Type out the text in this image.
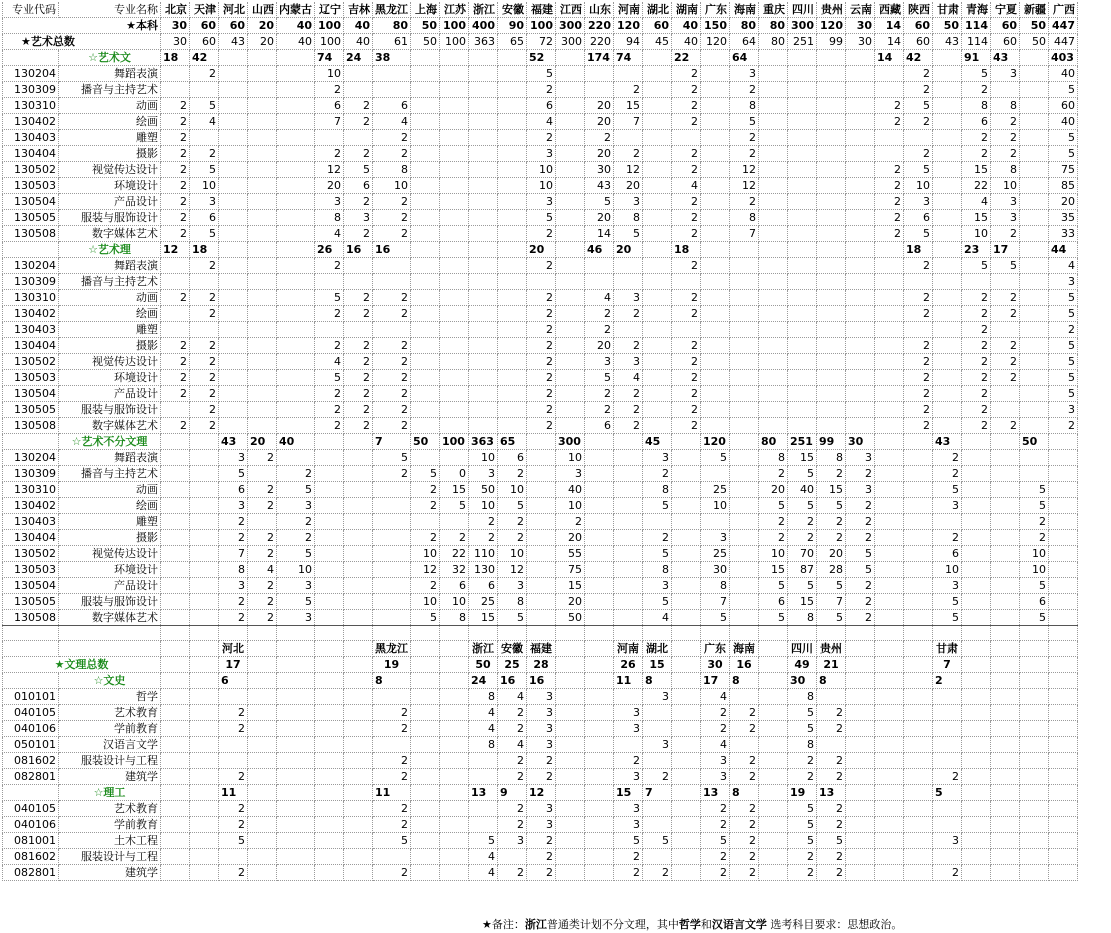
专业代码	专业名称	北京	天津	河北	山西	内蒙古	辽宁	吉林	黑龙江	上海	江苏	浙江	安徽	福建	江西	山东	河南	湖北	湖南	广东	海南	重庆	四川	贵州	云南	西藏	陕西	甘肃	青海	宁夏	新疆	广西
★本科		30	60	60	20	40	100	40	80	50	100	400	90	100	300	220	120	60	40	150	80	80	300	120	30	14	60	50	114	60	50	447
★艺术总数		30	60	43	20	40	100	40	61	50	100	363	65	72	300	220	94	45	40	120	64	80	251	99	30	14	60	43	114	60	50	447
	☆艺术文	18	42				74	24	38					52		174	74		22		64					14	42		91	43		403
130204	舞蹈表演		2				10							5					2		3						2		5	3		40
130309	播音与主持艺术						2							2			2		2		2						2		2			5
130310	动画	2	5				6	2	6					6		20	15		2		8					2	5		8	8		60
130402	绘画	2	4				7	2	4					4		20	7		2		5					2	2		6	2		40
130403	雕塑	2							2					2		2					2								2	2		5
130404	摄影	2	2				2	2	2					3		20	2		2		2						2		2	2		5
130502	视觉传达设计	2	5				12	5	8					10		30	12		2		12					2	5		15	8		75
130503	环境设计	2	10				20	6	10					10		43	20		4		12					2	10		22	10		85
130504	产品设计	2	3				3	2	2					3		5	3		2		2					2	3		4	3		20
130505	服装与服饰设计	2	6				8	3	2					5		20	8		2		8					2	6		15	3		35
130508	数字媒体艺术	2	5				4	2	2					2		14	5		2		7					2	5		10	2		33
	☆艺术理	12	18				26	16	16					20		46	20		18								18		23	17		44
130204	舞蹈表演		2				2							2					2								2		5	5		4
130309	播音与主持艺术																															3
130310	动画	2	2				5	2	2					2		4	3		2								2		2	2		5
130402	绘画		2				2	2	2					2		2	2		2								2		2	2		5
130403	雕塑													2		2													2			2
130404	摄影	2	2				2	2	2					2		20	2		2								2		2	2		5
130502	视觉传达设计	2	2				4	2	2					2		3	3		2								2		2	2		5
130503	环境设计	2	2				5	2	2					2		5	4		2								2		2	2		5
130504	产品设计	2	2				2	2	2					2		2	2		2								2		2			5
130505	服装与服饰设计		2				2	2	2					2		2	2		2								2		2			3
130508	数字媒体艺术	2	2				2	2	2					2		6	2		2								2		2	2		2
	☆艺术不分文理			43	20	40			7	50	100	363	65		300			45		120		80	251	99	30			43			50	
130204	舞蹈表演			3	2				5			10	6		10			3		5		8	15	8	3			2				
130309	播音与主持艺术			5		2			2	5	0	3	2		3			2				2	5	2	2			2				
130310	动画			6	2	5				2	15	50	10		40			8		25		20	40	15	3			5			5	
130402	绘画			3	2	3				2	5	10	5		10			5		10		5	5	5	2			3			5	
130403	雕塑			2		2						2	2		2							2	2	2	2						2	
130404	摄影			2	2	2				2	2	2	2		20			2		3		2	2	2	2			2			2	
130502	视觉传达设计			7	2	5				10	22	110	10		55			5		25		10	70	20	5			6			10	
130503	环境设计			8	4	10				12	32	130	12		75			8		30		15	87	28	5			10			10	
130504	产品设计			3	2	3				2	6	6	3		15			3		8		5	5	5	2			3			5	
130505	服装与服饰设计			2	2	5				10	10	25	8		20			5		7		6	15	7	2			5			6	
130508	数字媒体艺术			2	2	3				5	8	15	5		50			4		5		5	8	5	2			5			5	

				河北					黑龙江			浙江	安徽	福建			河南	湖北		广东	海南		四川	贵州				甘肃				
★文理总数				17					19			50	25	28			26	15		30	16		49	21				7				
	☆文史			6					8			24	16	16			11	8		17	8		30	8				2				
010101	哲学											8	4	3				3		4			8									
040105	艺术教育			2					2			4	2	3			3			2	2		5	2								
040106	学前教育			2					2			4	2	3			3			2	2		5	2								
050101	汉语言文学											8	4	3				3		4			8									
081602	服装设计与工程								2				2	2			2			3	2		2	2								
082801	建筑学			2					2				2	2			3	2		3	2		2	2				2				
	☆理工			11					11			13	9	12			15	7		13	8		19	13				5				
040105	艺术教育			2					2				2	3			3			2	2		5	2								
040106	学前教育			2					2				2	3			3			2	2		5	2								
081001	土木工程			5					5			5	3	2			5	5		5	2		5	5				3				
081602	服装设计与工程											4		2			2			2	2		2	2								
082801	建筑学			2					2			4	2	2			2	2		2	2		2	2				2				
★备注：浙江普通类计划不分文理，其中哲学和汉语言文学 选考科目要求：思想政治。
